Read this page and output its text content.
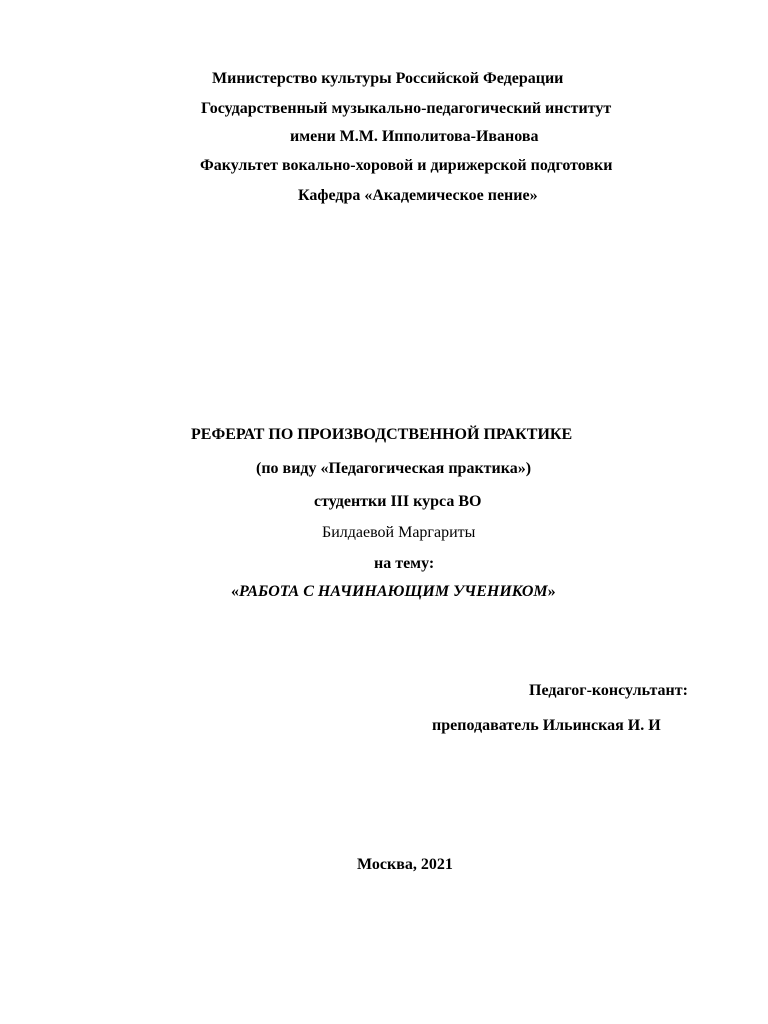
Министерство культуры Российской Федерации

Государственный музыкально-педагогический институт

имени М.М. Ипполитова-Иванова

Факультет вокально-хоровой и дирижерской подготовки

Кафедра «Академическое пение»

РЕФЕРАТ ПО ПРОИЗВОДСТВЕННОЙ ПРАКТИКЕ

(по виду «Педагогическая практика»)

студентки III курса ВО

Билдаевой Маргариты

на тему:

«РАБОТА С НАЧИНАЮЩИМ УЧЕНИКОМ»

Педагог-консультант:

преподаватель Ильинская И. И

Москва, 2021
